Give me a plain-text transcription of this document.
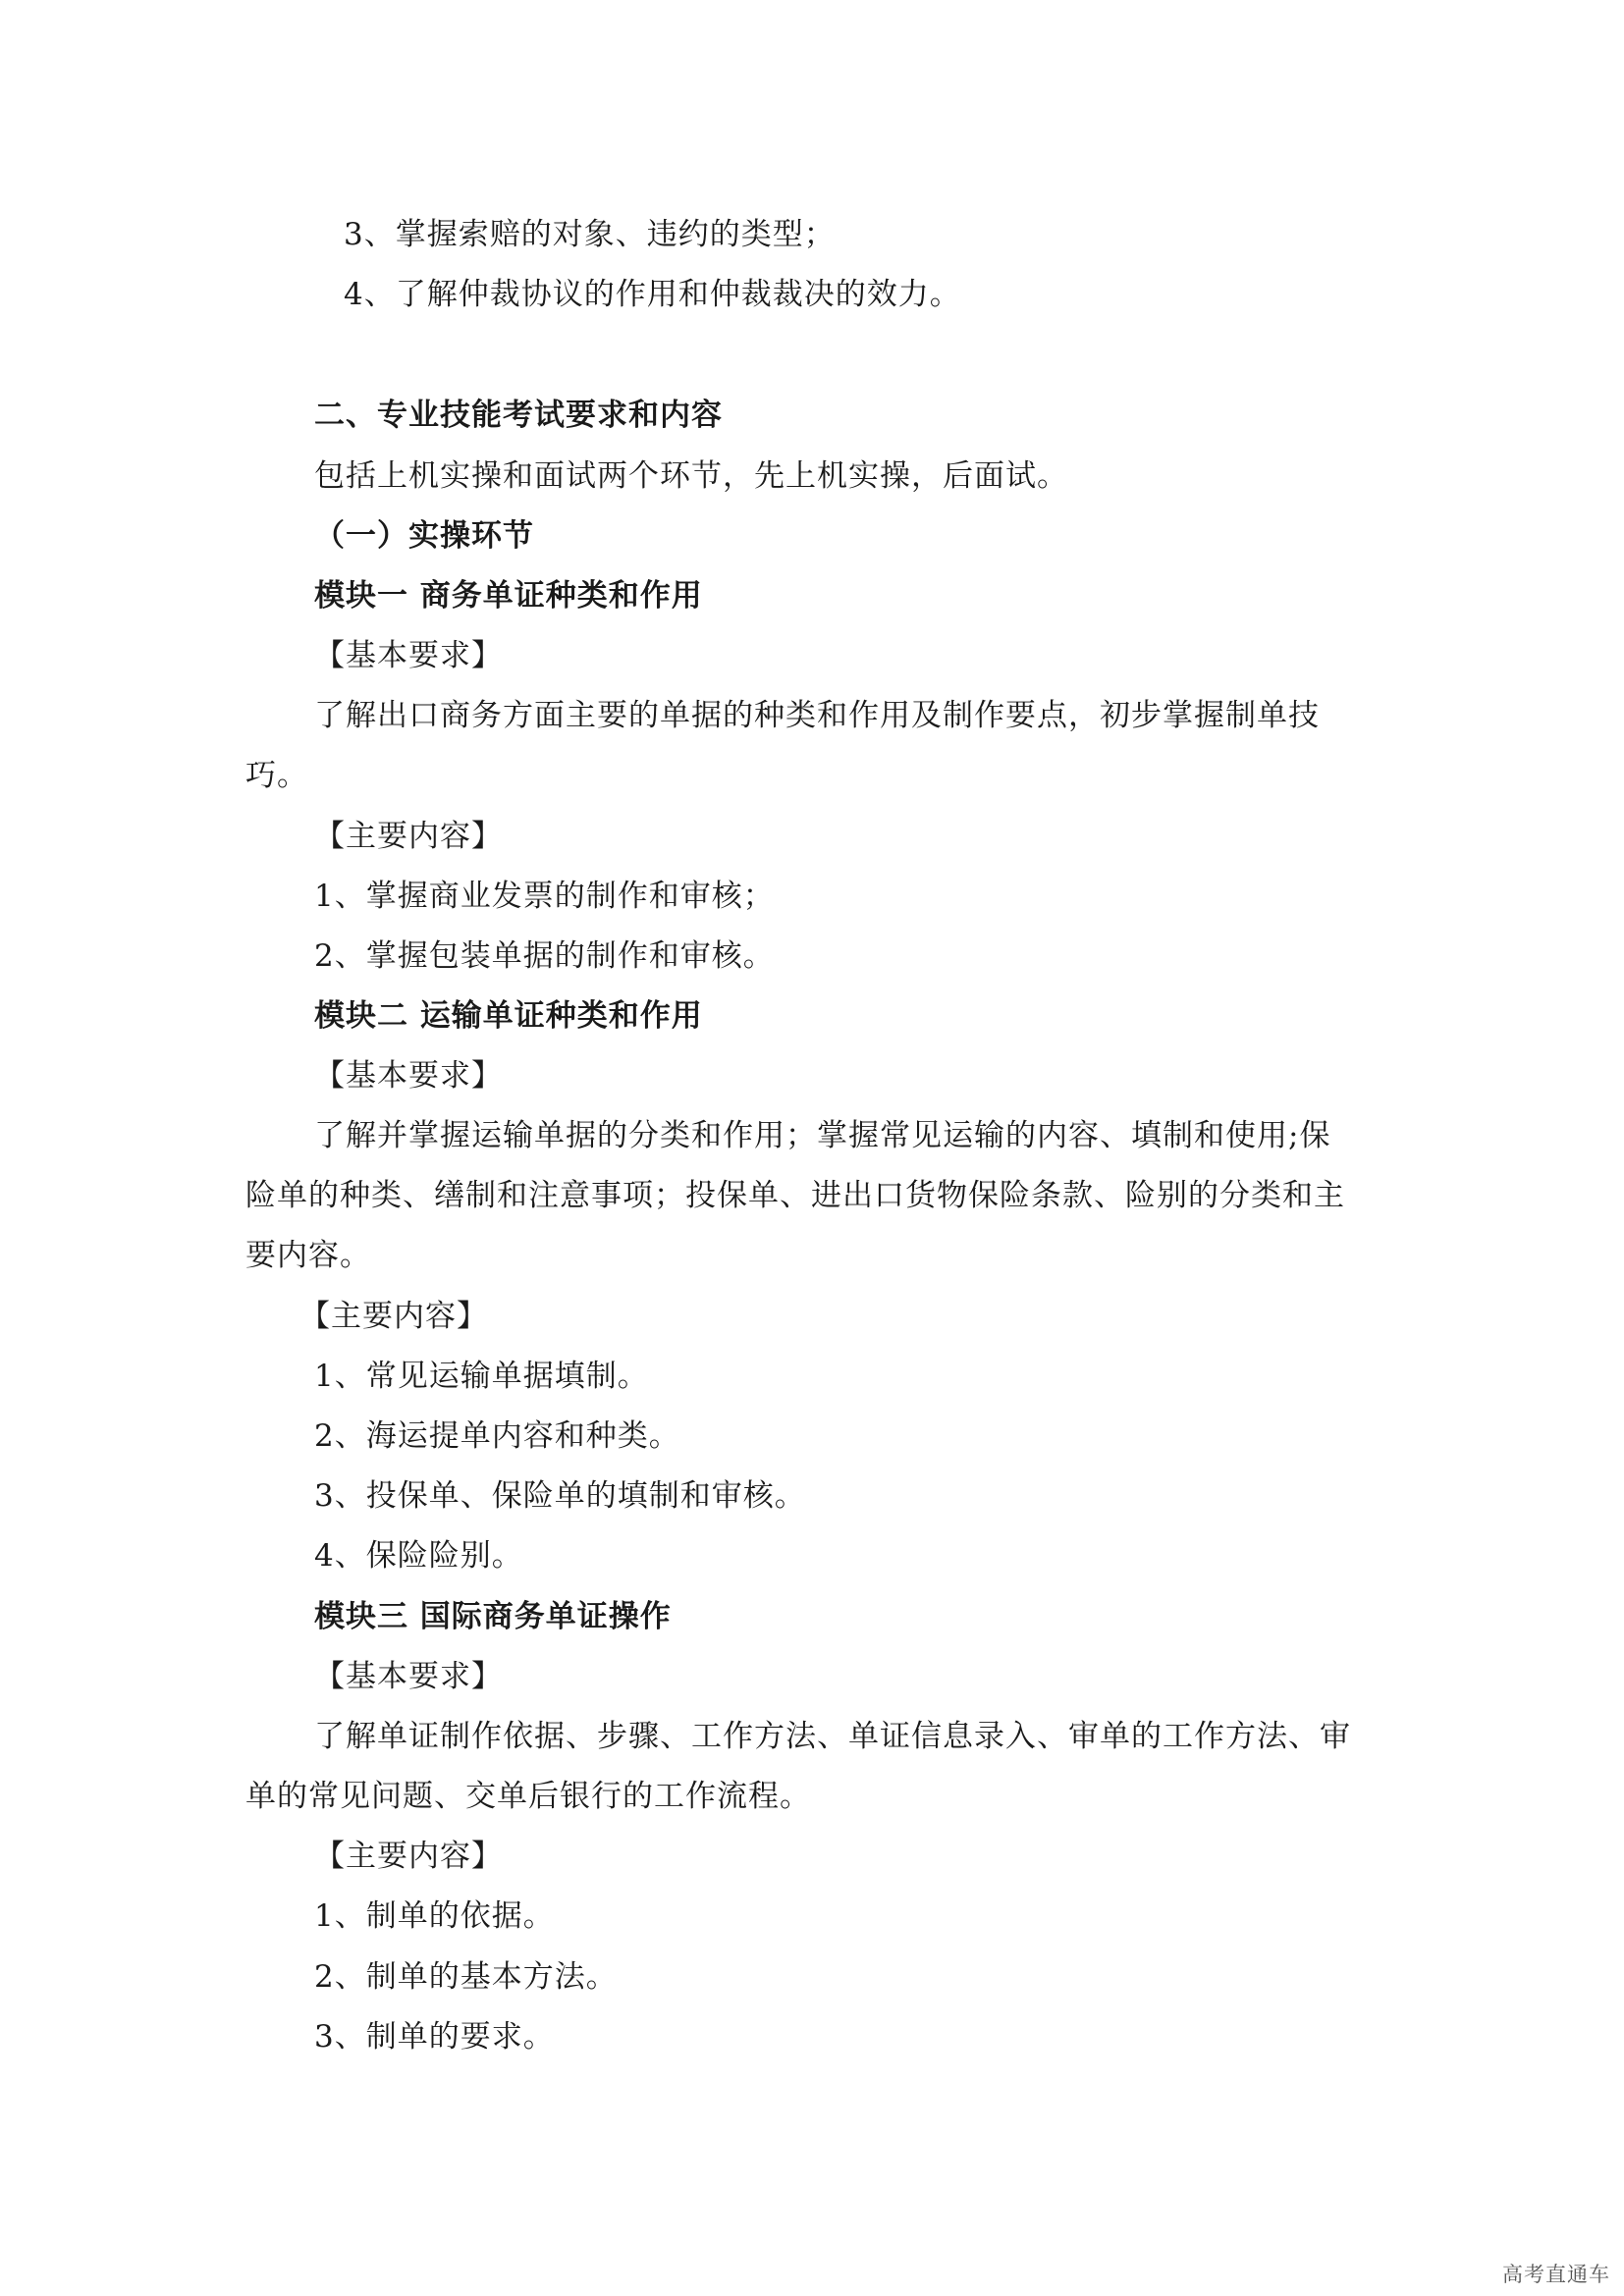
3、掌握索赔的对象、违约的类型；
4、了解仲裁协议的作用和仲裁裁决的效力。
二、专业技能考试要求和内容
包括上机实操和面试两个环节，先上机实操，后面试。
（一）实操环节
模块一 商务单证种类和作用
【基本要求】
了解出口商务方面主要的单据的种类和作用及制作要点，初步掌握制单技
巧。
【主要内容】
1、掌握商业发票的制作和审核；
2、掌握包装单据的制作和审核。
模块二 运输单证种类和作用
【基本要求】
了解并掌握运输单据的分类和作用；掌握常见运输的内容、填制和使用;保
险单的种类、缮制和注意事项；投保单、进出口货物保险条款、险别的分类和主
要内容。
【主要内容】
1、常见运输单据填制。
2、海运提单内容和种类。
3、投保单、保险单的填制和审核。
4、保险险别。
模块三 国际商务单证操作
【基本要求】
了解单证制作依据、步骤、工作方法、单证信息录入、审单的工作方法、审
单的常见问题、交单后银行的工作流程。
【主要内容】
1、制单的依据。
2、制单的基本方法。
3、制单的要求。
高考直通车
